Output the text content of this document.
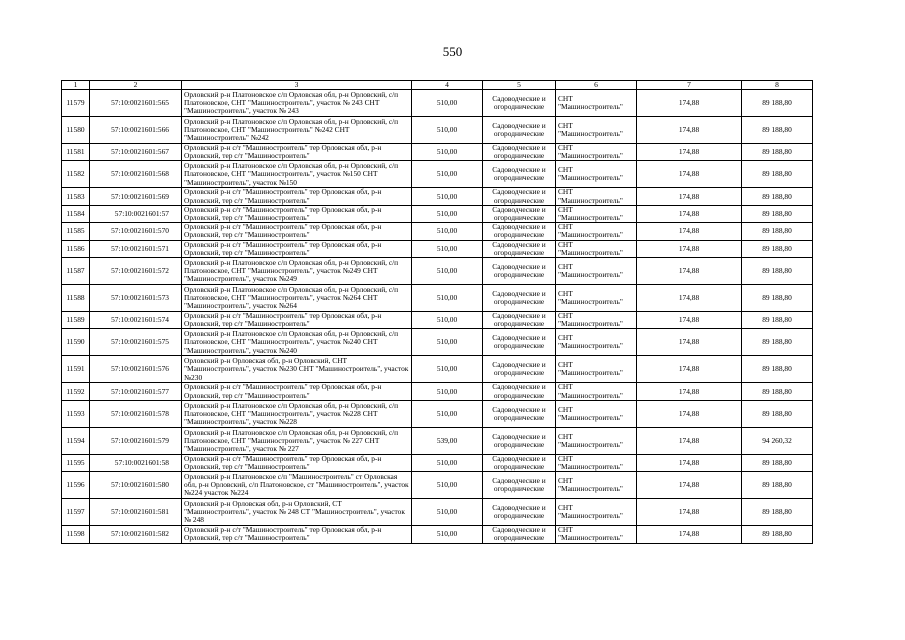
550
1	2	3	4	5	6	7	8
11579	57:10:0021601:565	Орловский р-н Платоновское с/п Орловская обл, р-н Орловский, с/п Платоновское, СНТ "Машиностроитель", участок № 243 СНТ "Машиностроитель", участок № 243	510,00	Садоводческие и огороднические	СНТ "Машиностроитель"	174,88	89 188,80
11580	57:10:0021601:566	Орловский р-н Платоновское с/п Орловская обл, р-н Орловский, с/п Платоновское, СНТ "Машиностроитель" №242 СНТ "Машиностроитель" №242	510,00	Садоводческие и огороднические	СНТ "Машиностроитель"	174,88	89 188,80
11581	57:10:0021601:567	Орловский р-н с/т "Машиностроитель" тер Орловская обл, р-н Орловский, тер с/т "Машиностроитель"	510,00	Садоводческие и огороднические	СНТ "Машиностроитель"	174,88	89 188,80
11582	57:10:0021601:568	Орловский р-н Платоновское с/п Орловская обл, р-н Орловский, с/п Платоновское, СНТ "Машиностроитель", участок №150 СНТ "Машиностроитель", участок №150	510,00	Садоводческие и огороднические	СНТ "Машиностроитель"	174,88	89 188,80
11583	57:10:0021601:569	Орловский р-н с/т "Машиностроитель" тер Орловская обл, р-н Орловский, тер с/т "Машиностроитель"	510,00	Садоводческие и огороднические	СНТ "Машиностроитель"	174,88	89 188,80
11584	57:10:0021601:57	Орловский р-н с/т "Машиностроитель" тер Орловская обл, р-н Орловский, тер с/т "Машиностроитель"	510,00	Садоводческие и огороднические	СНТ "Машиностроитель"	174,88	89 188,80
11585	57:10:0021601:570	Орловский р-н с/т "Машиностроитель" тер Орловская обл, р-н Орловский, тер с/т "Машиностроитель"	510,00	Садоводческие и огороднические	СНТ "Машиностроитель"	174,88	89 188,80
11586	57:10:0021601:571	Орловский р-н с/т "Машиностроитель" тер Орловская обл, р-н Орловский, тер с/т "Машиностроитель"	510,00	Садоводческие и огороднические	СНТ "Машиностроитель"	174,88	89 188,80
11587	57:10:0021601:572	Орловский р-н Платоновское с/п Орловская обл, р-н Орловский, с/п Платоновское, СНТ "Машиностроитель", участок №249 СНТ "Машиностроитель", участок №249	510,00	Садоводческие и огороднические	СНТ "Машиностроитель"	174,88	89 188,80
11588	57:10:0021601:573	Орловский р-н Платоновское с/п Орловская обл, р-н Орловский, с/п Платоновское, СНТ "Машиностроитель", участок №264 СНТ "Машиностроитель", участок №264	510,00	Садоводческие и огороднические	СНТ "Машиностроитель"	174,88	89 188,80
11589	57:10:0021601:574	Орловский р-н с/т "Машиностроитель" тер Орловская обл, р-н Орловский, тер с/т "Машиностроитель"	510,00	Садоводческие и огороднические	СНТ "Машиностроитель"	174,88	89 188,80
11590	57:10:0021601:575	Орловский р-н Платоновское с/п Орловская обл, р-н Орловский, с/п Платоновское, СНТ "Машиностроитель", участок №240 СНТ "Машиностроитель", участок №240	510,00	Садоводческие и огороднические	СНТ "Машиностроитель"	174,88	89 188,80
11591	57:10:0021601:576	Орловский р-н Орловская обл, р-н Орловский, СНТ "Машиностроитель", участок №230 СНТ "Машиностроитель", участок №230	510,00	Садоводческие и огороднические	СНТ "Машиностроитель"	174,88	89 188,80
11592	57:10:0021601:577	Орловский р-н с/т "Машиностроитель" тер Орловская обл, р-н Орловский, тер с/т "Машиностроитель"	510,00	Садоводческие и огороднические	СНТ "Машиностроитель"	174,88	89 188,80
11593	57:10:0021601:578	Орловский р-н Платоновское с/п Орловская обл, р-н Орловский, с/п Платоновское, СНТ "Машиностроитель", участок №228 СНТ "Машиностроитель", участок №228	510,00	Садоводческие и огороднические	СНТ "Машиностроитель"	174,88	89 188,80
11594	57:10:0021601:579	Орловский р-н Платоновское с/п Орловская обл, р-н Орловский, с/п Платоновское, СНТ "Машиностроитель", участок № 227 СНТ "Машиностроитель", участок № 227	539,00	Садоводческие и огороднические	СНТ "Машиностроитель"	174,88	94 260,32
11595	57:10:0021601:58	Орловский р-н с/т "Машиностроитель" тер Орловская обл, р-н Орловский, тер с/т "Машиностроитель"	510,00	Садоводческие и огороднические	СНТ "Машиностроитель"	174,88	89 188,80
11596	57:10:0021601:580	Орловский р-н Платоновское с/п "Машиностроитель" ст Орловская обл, р-н Орловский, с/п Платоновское, ст "Машиностроитель", участок №224 участок №224	510,00	Садоводческие и огороднические	СНТ "Машиностроитель"	174,88	89 188,80
11597	57:10:0021601:581	Орловский р-н Орловская обл, р-н Орловский, СТ "Машиностроитель", участок № 248 СТ "Машиностроитель", участок № 248	510,00	Садоводческие и огороднические	СНТ "Машиностроитель"	174,88	89 188,80
11598	57:10:0021601:582	Орловский р-н с/т "Машиностроитель" тер Орловская обл, р-н Орловский, тер с/т "Машиностроитель"	510,00	Садоводческие и огороднические	СНТ "Машиностроитель"	174,88	89 188,80
